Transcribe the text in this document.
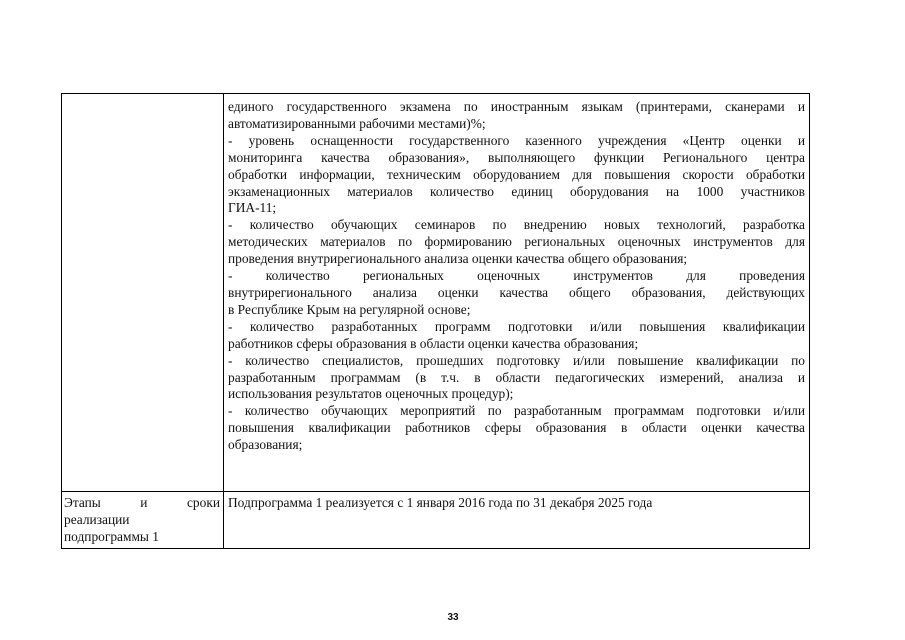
единого государственного экзамена по иностранным языкам (принтерами, сканерами и
автоматизированными рабочими местами)%;
- уровень оснащенности государственного казенного учреждения «Центр оценки и
мониторинга качества образования», выполняющего функции Регионального центра
обработки информации, техническим оборудованием для повышения скорости обработки
экзаменационных материалов количество единиц оборудования на 1000 участников
ГИА-11;
- количество обучающих семинаров по внедрению новых технологий, разработка
методических материалов по формированию региональных оценочных инструментов для
проведения внутрирегионального анализа оценки качества общего образования;
- количество региональных оценочных инструментов для проведения
внутрирегионального анализа оценки качества общего образования, действующих
в Республике Крым на регулярной основе;
- количество разработанных программ подготовки и/или повышения квалификации
работников сферы образования в области оценки качества образования;
- количество специалистов, прошедших подготовку и/или повышение квалификации по
разработанным программам (в т.ч. в области педагогических измерений, анализа и
использования результатов оценочных процедур);
- количество обучающих мероприятий по разработанным программам подготовки и/или
повышения квалификации работников сферы образования в области оценки качества
образования;
Этапы и сроки
реализации
подпрограммы 1
Подпрограмма 1 реализуется с 1 января 2016 года по 31 декабря 2025 года
33
